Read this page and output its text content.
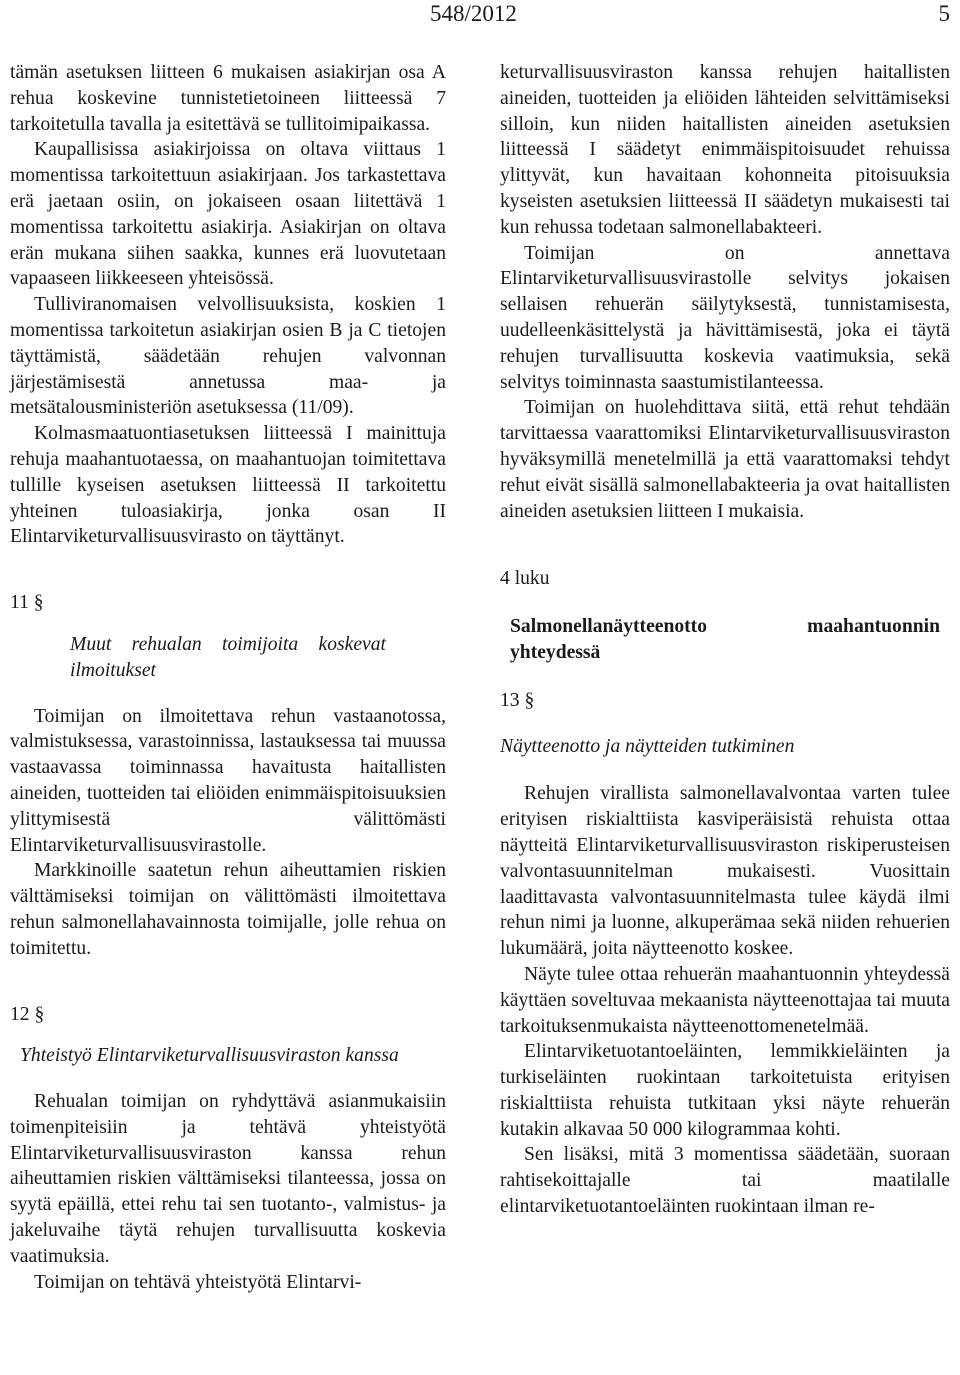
548/2012	5

tämän asetuksen liitteen 6 mukaisen asiakirjan osa A rehua koskevine tunnistetietoineen liitteessä 7 tarkoitetulla tavalla ja esitettävä se tullitoimipaikassa.

Kaupallisissa asiakirjoissa on oltava viittaus 1 momentissa tarkoitettuun asiakirjaan. Jos tarkastettava erä jaetaan osiin, on jokaiseen osaan liitettävä 1 momentissa tarkoitettu asiakirja. Asiakirjan on oltava erän mukana siihen saakka, kunnes erä luovutetaan vapaaseen liikkeeseen yhteisössä.

Tulliviranomaisen velvollisuuksista, koskien 1 momentissa tarkoitetun asiakirjan osien B ja C tietojen täyttämistä, säädetään rehujen valvonnan järjestämisestä annetussa maa- ja metsätalousministeriön asetuksessa (11/09).

Kolmasmaatuontiasetuksen liitteessä I mainittuja rehuja maahantuotaessa, on maahantuojan toimitettava tullille kyseisen asetuksen liitteessä II tarkoitettu yhteinen tuloasiakirja, jonka osan II Elintarviketurvallisuusvirasto on täyttänyt.

11 §

Muut rehualan toimijoita koskevat ilmoitukset

Toimijan on ilmoitettava rehun vastaanotossa, valmistuksessa, varastoinnissa, lastauksessa tai muussa vastaavassa toiminnassa havaitusta haitallisten aineiden, tuotteiden tai eliöiden enimmäispitoisuuksien ylittymisestä välittömästi Elintarviketurvallisuusvirastolle.

Markkinoille saatetun rehun aiheuttamien riskien välttämiseksi toimijan on välittömästi ilmoitettava rehun salmonellahavainnosta toimijalle, jolle rehua on toimitettu.

12 §

Yhteistyö Elintarviketurvallisuusviraston kanssa

Rehualan toimijan on ryhdyttävä asianmukaisiin toimenpiteisiin ja tehtävä yhteistyötä Elintarviketurvallisuusviraston kanssa rehun aiheuttamien riskien välttämiseksi tilanteessa, jossa on syytä epäillä, ettei rehu tai sen tuotanto-, valmistus- ja jakeluvaihe täytä rehujen turvallisuutta koskevia vaatimuksia.

Toimijan on tehtävä yhteistyötä Elintarvi-

keturvallisuusviraston kanssa rehujen haitallisten aineiden, tuotteiden ja eliöiden lähteiden selvittämiseksi silloin, kun niiden haitallisten aineiden asetuksien liitteessä I säädetyt enimmäispitoisuudet rehuissa ylittyvät, kun havaitaan kohonneita pitoisuuksia kyseisten asetuksien liitteessä II säädetyn mukaisesti tai kun rehussa todetaan salmonellabakteeri.

Toimijan on annettava Elintarviketurvallisuusvirastolle selvitys jokaisen sellaisen rehuerän säilytyksestä, tunnistamisesta, uudelleenkäsittelystä ja hävittämisestä, joka ei täytä rehujen turvallisuutta koskevia vaatimuksia, sekä selvitys toiminnasta saastumistilanteessa.

Toimijan on huolehdittava siitä, että rehut tehdään tarvittaessa vaarattomiksi Elintarviketurvallisuusviraston hyväksymillä menetelmillä ja että vaarattomaksi tehdyt rehut eivät sisällä salmonellabakteeria ja ovat haitallisten aineiden asetuksien liitteen I mukaisia.

4 luku

Salmonellanäytteenotto maahantuonnin yhteydessä

13 §

Näytteenotto ja näytteiden tutkiminen

Rehujen virallista salmonellavalvontaa varten tulee erityisen riskialttiista kasviperäisistä rehuista ottaa näytteitä Elintarviketurvallisuusviraston riskiperusteisen valvontasuunnitelman mukaisesti. Vuosittain laadittavasta valvontasuunnitelmasta tulee käydä ilmi rehun nimi ja luonne, alkuperämaa sekä niiden rehuerien lukumäärä, joita näytteenotto koskee.

Näyte tulee ottaa rehuerän maahantuonnin yhteydessä käyttäen soveltuvaa mekaanista näytteenottajaa tai muuta tarkoituksenmukaista näytteenottomenetelmää.

Elintarviketuotantoeläinten, lemmikkieläinten ja turkiseläinten ruokintaan tarkoitetuista erityisen riskialttiista rehuista tutkitaan yksi näyte rehuerän kutakin alkavaa 50 000 kilogrammaa kohti.

Sen lisäksi, mitä 3 momentissa säädetään, suoraan rahtisekoittajalle tai maatilalle elintarviketuotantoeläinten ruokintaan ilman re-
